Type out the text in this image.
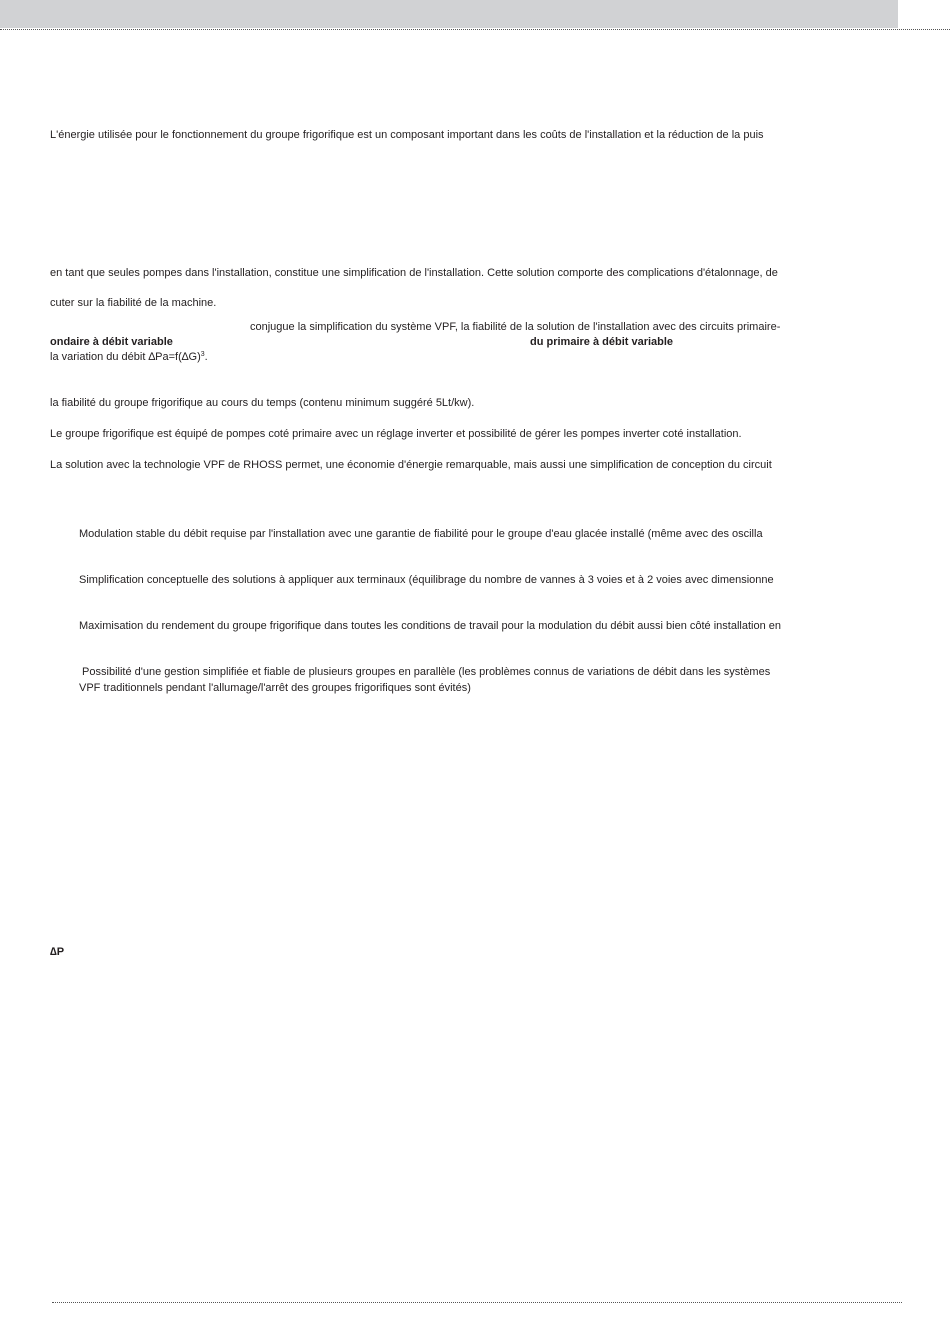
L'énergie utilisée pour le fonctionnement du groupe frigorifique est un composant important dans les coûts de l'installation et la réduction de la puis
en tant que seules pompes dans l'installation, constitue une simplification de l'installation. Cette solution comporte des complications d'étalonnage, de
cuter sur la fiabilité de la machine.
conjugue la simplification du système VPF, la fiabilité de la solution de l'installation avec des circuits primaire-
ondaire à débit variable	du primaire à débit variable
la variation du débit $\Delta Pa=f(\Delta G)^3$.
la fiabilité du groupe frigorifique au cours du temps (contenu minimum suggéré 5Lt/kw).
Le groupe frigorifique est équipé de pompes coté primaire avec un réglage inverter et possibilité de gérer les pompes inverter coté installation.
La solution avec la technologie VPF de RHOSS permet, une économie d'énergie remarquable, mais aussi une simplification de conception du circuit
Modulation stable du débit requise par l'installation avec une garantie de fiabilité pour le groupe d'eau glacée installé (même avec des oscilla
Simplification conceptuelle des solutions à appliquer aux terminaux (équilibrage du nombre de vannes à 3 voies et à 2 voies avec dimensionne
Maximisation du rendement du groupe frigorifique dans toutes les conditions de travail pour la modulation du débit aussi bien côté installation en
Possibilité d'une gestion simplifiée et fiable de plusieurs groupes en parallèle (les problèmes connus de variations de débit dans les systèmes
VPF traditionnels pendant l'allumage/l'arrêt des groupes frigorifiques sont évités)
∆P
